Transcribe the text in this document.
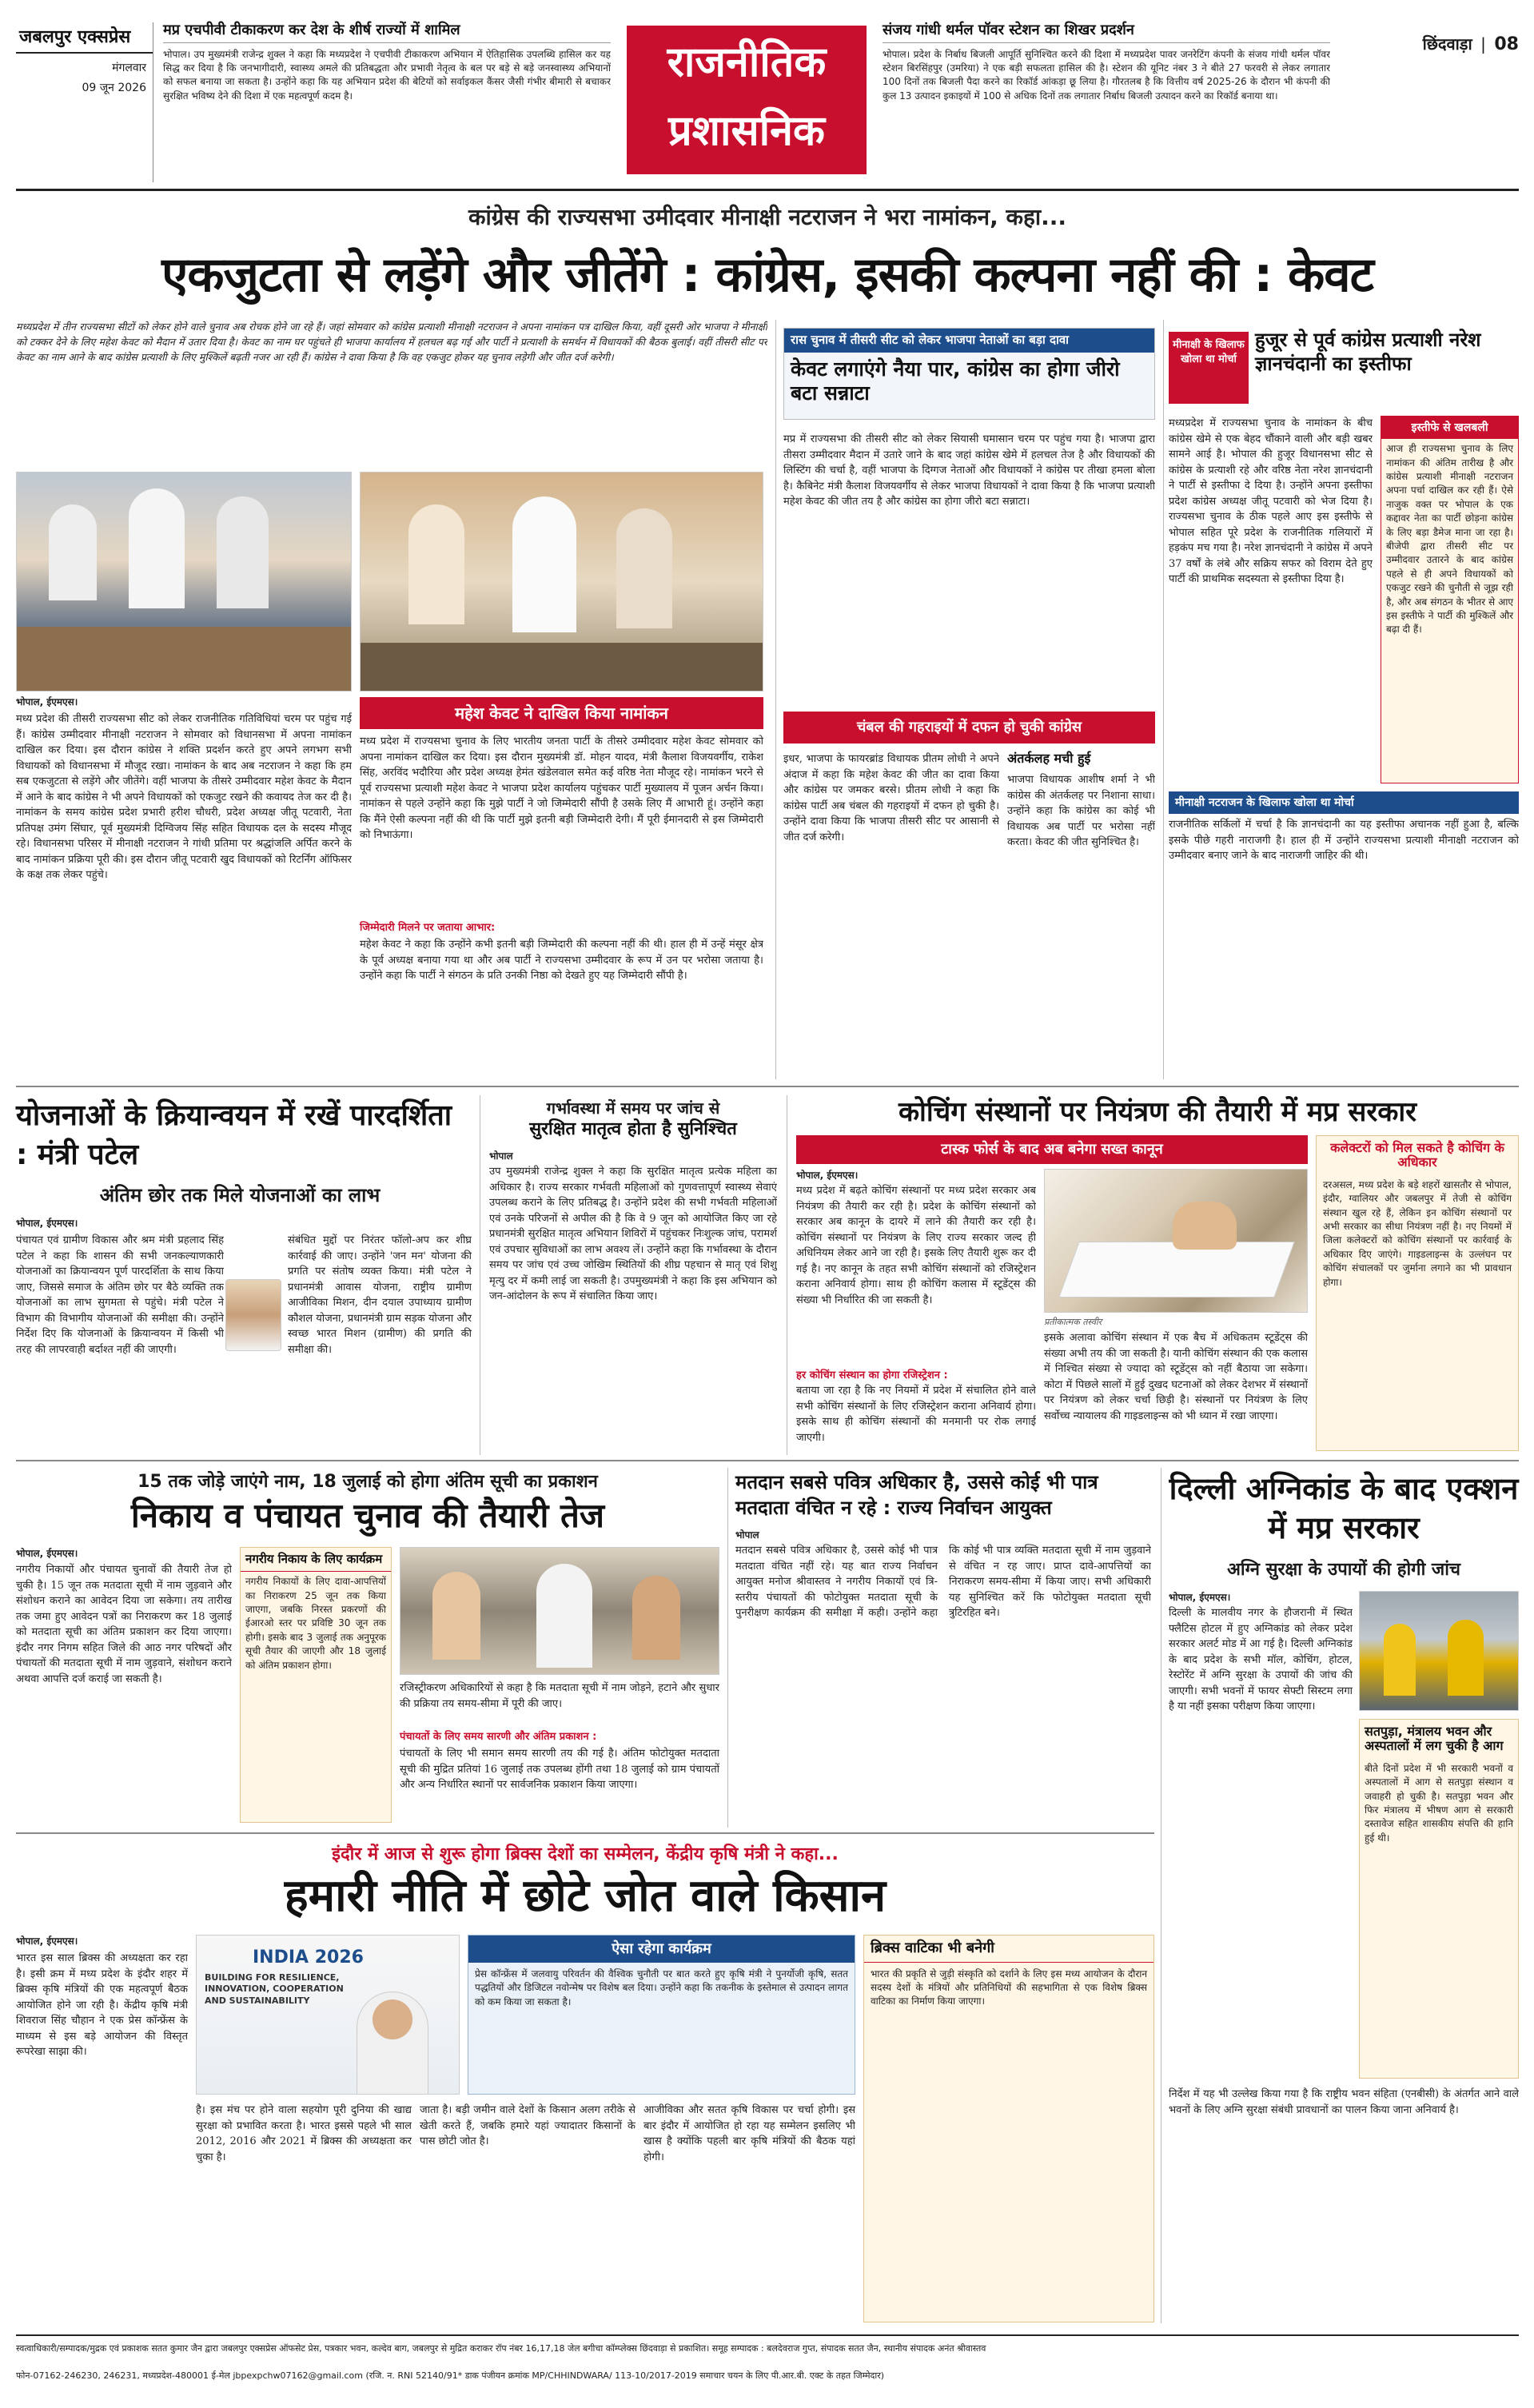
जबलपुर एक्सप्रेस
मंगलवार
09 जून 2026
मप्र एचपीवी टीकाकरण कर देश के शीर्ष राज्यों में शामिल
भोपाल। उप मुख्यमंत्री राजेन्द्र शुक्ल ने कहा कि मध्यप्रदेश ने एचपीवी टीकाकरण अभियान में ऐतिहासिक उपलब्धि हासिल कर यह सिद्ध कर दिया है कि जनभागीदारी, स्वास्थ्य अमले की प्रतिबद्धता और प्रभावी नेतृत्व के बल पर बड़े से बड़े जनस्वास्थ्य अभियानों को सफल बनाया जा सकता है। उन्होंने कहा कि यह अभियान प्रदेश की बेटियों को सर्वाइकल कैंसर जैसी गंभीर बीमारी से बचाकर सुरक्षित भविष्य देने की दिशा में एक महत्वपूर्ण कदम है।
राजनीतिक
प्रशासनिक
संजय गांधी थर्मल पॉवर स्टेशन का शिखर प्रदर्शन
भोपाल। प्रदेश के निर्बाध बिजली आपूर्ति सुनिश्चित करने की दिशा में मध्यप्रदेश पावर जनरेटिंग कंपनी के संजय गांधी थर्मल पॉवर स्टेशन बिरसिंहपुर (उमरिया) ने एक बड़ी सफलता हासिल की है। स्टेशन की यूनिट नंबर 3 ने बीते 27 फरवरी से लेकर लगातार 100 दिनों तक बिजली पैदा करने का रिकॉर्ड आंकड़ा छू लिया है। गौरतलब है कि वित्तीय वर्ष 2025-26 के दौरान भी कंपनी की कुल 13 उत्पादन इकाइयों में 100 से अधिक दिनों तक लगातार निर्बाध बिजली उत्पादन करने का रिकॉर्ड बनाया था।
छिंदवाड़ा  |  08
कांग्रेस की राज्यसभा उमीदवार मीनाक्षी नटराजन ने भरा नामांकन, कहा...
एकजुटता से लड़ेंगे और जीतेंगे : कांग्रेस, इसकी कल्पना नहीं की : केवट
मध्यप्रदेश में तीन राज्यसभा सीटों को लेकर होने वाले चुनाव अब रोचक होने जा रहे हैं। जहां सोमवार को कांग्रेस प्रत्याशी मीनाक्षी नटराजन ने अपना नामांकन पत्र दाखिल किया, वहीं दूसरी ओर भाजपा ने मीनाक्षी को टक्कर देने के लिए महेश केवट को मैदान में उतार दिया है। केवट का नाम घर पहुंचते ही भाजपा कार्यालय में हलचल बढ़ गई और पार्टी ने प्रत्याशी के समर्थन में विधायकों की बैठक बुलाई। वहीं तीसरी सीट पर केवट का नाम आने के बाद कांग्रेस प्रत्याशी के लिए मुश्किलें बढ़ती नजर आ रही हैं। कांग्रेस ने दावा किया है कि वह एकजुट होकर यह चुनाव लड़ेगी और जीत दर्ज करेगी।
भोपाल, ईएमएस।
मध्य प्रदेश की तीसरी राज्यसभा सीट को लेकर राजनीतिक गतिविधियां चरम पर पहुंच गई हैं। कांग्रेस उम्मीदवार मीनाक्षी नटराजन ने सोमवार को विधानसभा में अपना नामांकन दाखिल कर दिया। इस दौरान कांग्रेस ने शक्ति प्रदर्शन करते हुए अपने लगभग सभी विधायकों को विधानसभा में मौजूद रखा। नामांकन के बाद अब नटराजन ने कहा कि हम सब एकजुटता से लड़ेंगे और जीतेंगे। वहीं भाजपा के तीसरे उम्मीदवार महेश केवट के मैदान में आने के बाद कांग्रेस ने भी अपने विधायकों को एकजुट रखने की कवायद तेज कर दी है। नामांकन के समय कांग्रेस प्रदेश प्रभारी हरीश चौधरी, प्रदेश अध्यक्ष जीतू पटवारी, नेता प्रतिपक्ष उमंग सिंघार, पूर्व मुख्यमंत्री दिग्विजय सिंह सहित विधायक दल के सदस्य मौजूद रहे। विधानसभा परिसर में मीनाक्षी नटराजन ने गांधी प्रतिमा पर श्रद्धांजलि अर्पित करने के बाद नामांकन प्रक्रिया पूरी की। इस दौरान जीतू पटवारी खुद विधायकों को रिटर्निंग ऑफिसर के कक्ष तक लेकर पहुंचे।
महेश केवट ने दाखिल किया नामांकन
मध्य प्रदेश में राज्यसभा चुनाव के लिए भारतीय जनता पार्टी के तीसरे उम्मीदवार महेश केवट सोमवार को अपना नामांकन दाखिल कर दिया। इस दौरान मुख्यमंत्री डॉ. मोहन यादव, मंत्री कैलाश विजयवर्गीय, राकेश सिंह, अरविंद भदौरिया और प्रदेश अध्यक्ष हेमंत खंडेलवाल समेत कई वरिष्ठ नेता मौजूद रहे। नामांकन भरने से पूर्व राज्यसभा प्रत्याशी महेश केवट ने भाजपा प्रदेश कार्यालय पहुंचकर पार्टी मुख्यालय में पूजन अर्चन किया। नामांकन से पहले उन्होंने कहा कि मुझे पार्टी ने जो जिम्मेदारी सौंपी है उसके लिए मैं आभारी हूं। उन्होंने कहा कि मैंने ऐसी कल्पना नहीं की थी कि पार्टी मुझे इतनी बड़ी जिम्मेदारी देगी। मैं पूरी ईमानदारी से इस जिम्मेदारी को निभाऊंगा।
जिम्मेदारी मिलने पर जताया आभार:
महेश केवट ने कहा कि उन्होंने कभी इतनी बड़ी जिम्मेदारी की कल्पना नहीं की थी। हाल ही में उन्हें मंसूर क्षेत्र के पूर्व अध्यक्ष बनाया गया था और अब पार्टी ने राज्यसभा उम्मीदवार के रूप में उन पर भरोसा जताया है। उन्होंने कहा कि पार्टी ने संगठन के प्रति उनकी निष्ठा को देखते हुए यह जिम्मेदारी सौंपी है।
रास चुनाव में तीसरी सीट को लेकर भाजपा नेताओं का बड़ा दावा
केवट लगाएंगे नैया पार, कांग्रेस का होगा जीरो बटा सन्नाटा
मप्र में राज्यसभा की तीसरी सीट को लेकर सियासी घमासान चरम पर पहुंच गया है। भाजपा द्वारा तीसरा उम्मीदवार मैदान में उतारे जाने के बाद जहां कांग्रेस खेमे में हलचल तेज है और विधायकों की लिस्टिंग की चर्चा है, वहीं भाजपा के दिग्गज नेताओं और विधायकों ने कांग्रेस पर तीखा हमला बोला है। कैबिनेट मंत्री कैलाश विजयवर्गीय से लेकर भाजपा विधायकों ने दावा किया है कि भाजपा प्रत्याशी महेश केवट की जीत तय है और कांग्रेस का होगा जीरो बटा सन्नाटा।
चंबल की गहराइयों में दफन हो चुकी कांग्रेस
इधर, भाजपा के फायरब्रांड विधायक प्रीतम लोधी ने अपने अंदाज में कहा कि महेश केवट की जीत का दावा किया और कांग्रेस पर जमकर बरसे। प्रीतम लोधी ने कहा कि कांग्रेस पार्टी अब चंबल की गहराइयों में दफन हो चुकी है। उन्होंने दावा किया कि भाजपा तीसरी सीट पर आसानी से जीत दर्ज करेगी।
अंतर्कलह मची हुई
भाजपा विधायक आशीष शर्मा ने भी कांग्रेस की अंतर्कलह पर निशाना साधा। उन्होंने कहा कि कांग्रेस का कोई भी विधायक अब पार्टी पर भरोसा नहीं करता। केवट की जीत सुनिश्चित है।
मीनाक्षी के खिलाफ खोला था मोर्चा
हुजूर से पूर्व कांग्रेस प्रत्याशी नरेश ज्ञानचंदानी का इस्तीफा
मध्यप्रदेश में राज्यसभा चुनाव के नामांकन के बीच कांग्रेस खेमे से एक बेहद चौंकाने वाली और बड़ी खबर सामने आई है। भोपाल की हुजूर विधानसभा सीट से कांग्रेस के प्रत्याशी रहे और वरिष्ठ नेता नरेश ज्ञानचंदानी ने पार्टी से इस्तीफा दे दिया है। उन्होंने अपना इस्तीफा प्रदेश कांग्रेस अध्यक्ष जीतू पटवारी को भेज दिया है। राज्यसभा चुनाव के ठीक पहले आए इस इस्तीफे से भोपाल सहित पूरे प्रदेश के राजनीतिक गलियारों में हड़कंप मच गया है। नरेश ज्ञानचंदानी ने कांग्रेस में अपने 37 वर्षों के लंबे और सक्रिय सफर को विराम देते हुए पार्टी की प्राथमिक सदस्यता से इस्तीफा दिया है।
मीनाक्षी नटराजन के खिलाफ खोला था मोर्चा
राजनीतिक सर्किलों में चर्चा है कि ज्ञानचंदानी का यह इस्तीफा अचानक नहीं हुआ है, बल्कि इसके पीछे गहरी नाराजगी है। हाल ही में उन्होंने राज्यसभा प्रत्याशी मीनाक्षी नटराजन को उम्मीदवार बनाए जाने के बाद नाराजगी जाहिर की थी।
इस्तीफे से खलबली
आज ही राज्यसभा चुनाव के लिए नामांकन की अंतिम तारीख है और कांग्रेस प्रत्याशी मीनाक्षी नटराजन अपना पर्चा दाखिल कर रही हैं। ऐसे नाजुक वक्त पर भोपाल के एक कद्दावर नेता का पार्टी छोड़ना कांग्रेस के लिए बड़ा डैमेज माना जा रहा है। बीजेपी द्वारा तीसरी सीट पर उम्मीदवार उतारने के बाद कांग्रेस पहले से ही अपने विधायकों को एकजुट रखने की चुनौती से जूझ रही है, और अब संगठन के भीतर से आए इस इस्तीफे ने पार्टी की मुश्किलें और बढ़ा दी हैं।
योजनाओं के क्रियान्वयन में रखें पारदर्शिता : मंत्री पटेल
अंतिम छोर तक मिले योजनाओं का लाभ
भोपाल, ईएमएस।
पंचायत एवं ग्रामीण विकास और श्रम मंत्री प्रहलाद सिंह पटेल ने कहा कि शासन की सभी जनकल्याणकारी योजनाओं का क्रियान्वयन पूर्ण पारदर्शिता के साथ किया जाए, जिससे समाज के अंतिम छोर पर बैठे व्यक्ति तक योजनाओं का लाभ सुगमता से पहुंचे। मंत्री पटेल ने विभाग की विभागीय योजनाओं की समीक्षा की। उन्होंने निर्देश दिए कि योजनाओं के क्रियान्वयन में किसी भी तरह की लापरवाही बर्दाश्त नहीं की जाएगी।
संबंधित मुद्दों पर निरंतर फॉलो-अप कर शीघ्र कार्रवाई की जाए। उन्होंने 'जन मन' योजना की प्रगति पर संतोष व्यक्त किया। मंत्री पटेल ने प्रधानमंत्री आवास योजना, राष्ट्रीय ग्रामीण आजीविका मिशन, दीन दयाल उपाध्याय ग्रामीण कौशल योजना, प्रधानमंत्री ग्राम सड़क योजना और स्वच्छ भारत मिशन (ग्रामीण) की प्रगति की समीक्षा की।
गर्भावस्था में समय पर जांच से
सुरक्षित मातृत्व होता है सुनिश्चित
भोपाल
उप मुख्यमंत्री राजेन्द्र शुक्ल ने कहा कि सुरक्षित मातृत्व प्रत्येक महिला का अधिकार है। राज्य सरकार गर्भवती महिलाओं को गुणवत्तापूर्ण स्वास्थ्य सेवाएं उपलब्ध कराने के लिए प्रतिबद्ध है। उन्होंने प्रदेश की सभी गर्भवती महिलाओं एवं उनके परिजनों से अपील की है कि वे 9 जून को आयोजित किए जा रहे प्रधानमंत्री सुरक्षित मातृत्व अभियान शिविरों में पहुंचकर निःशुल्क जांच, परामर्श एवं उपचार सुविधाओं का लाभ अवश्य लें। उन्होंने कहा कि गर्भावस्था के दौरान समय पर जांच एवं उच्च जोखिम स्थितियों की शीघ्र पहचान से मातृ एवं शिशु मृत्यु दर में कमी लाई जा सकती है। उपमुख्यमंत्री ने कहा कि इस अभियान को जन-आंदोलन के रूप में संचालित किया जाए।
कोचिंग संस्थानों पर नियंत्रण की तैयारी में मप्र सरकार
टास्क फोर्स के बाद अब बनेगा सख्त कानून
भोपाल, ईएमएस।
मध्य प्रदेश में बढ़ते कोचिंग संस्थानों पर मध्य प्रदेश सरकार अब नियंत्रण की तैयारी कर रही है। प्रदेश के कोचिंग संस्थानों को सरकार अब कानून के दायरे में लाने की तैयारी कर रही है। कोचिंग संस्थानों पर नियंत्रण के लिए राज्य सरकार जल्द ही अधिनियम लेकर आने जा रही है। इसके लिए तैयारी शुरू कर दी गई है। नए कानून के तहत सभी कोचिंग संस्थानों को रजिस्ट्रेशन कराना अनिवार्य होगा। साथ ही कोचिंग कलास में स्टूडेंट्स की संख्या भी निर्धारित की जा सकती है।
हर कोचिंग संस्थान का होगा रजिस्ट्रेशन :
बताया जा रहा है कि नए नियमों में प्रदेश में संचालित होने वाले सभी कोचिंग संस्थानों के लिए रजिस्ट्रेशन कराना अनिवार्य होगा। इसके साथ ही कोचिंग संस्थानों की मनमानी पर रोक लगाई जाएगी।
प्रतीकात्मक तस्वीर
इसके अलावा कोचिंग संस्थान में एक बैच में अधिकतम स्टूडेंट्स की संख्या अभी तय की जा सकती है। यानी कोचिंग संस्थान की एक कलास में निश्चित संख्या से ज्यादा को स्टूडेंट्स को नहीं बैठाया जा सकेगा। कोटा में पिछले सालों में हुई दुखद घटनाओं को लेकर देशभर में संस्थानों पर नियंत्रण को लेकर चर्चा छिड़ी है। संस्थानों पर नियंत्रण के लिए सर्वोच्च न्यायालय की गाइडलाइन्स को भी ध्यान में रखा जाएगा।
कलेक्टरों को मिल सकते है कोचिंग के अधिकार
दरअसल, मध्य प्रदेश के बड़े शहरों खासतौर से भोपाल, इंदौर, ग्वालियर और जबलपुर में तेजी से कोचिंग संस्थान खुल रहे हैं, लेकिन इन कोचिंग संस्थानों पर अभी सरकार का सीधा नियंत्रण नहीं है। नए नियमों में जिला कलेक्टरों को कोचिंग संस्थानों पर कार्रवाई के अधिकार दिए जाएंगे। गाइडलाइन्स के उल्लंघन पर कोचिंग संचालकों पर जुर्माना लगाने का भी प्रावधान होगा।
15 तक जोड़े जाएंगे नाम, 18 जुलाई को होगा अंतिम सूची का प्रकाशन
निकाय व पंचायत चुनाव की तैयारी तेज
भोपाल, ईएमएस।
नगरीय निकायों और पंचायत चुनावों की तैयारी तेज हो चुकी है। 15 जून तक मतदाता सूची में नाम जुड़वाने और संशोधन कराने का आवेदन दिया जा सकेगा। तय तारीख तक जमा हुए आवेदन पत्रों का निराकरण कर 18 जुलाई को मतदाता सूची का अंतिम प्रकाशन कर दिया जाएगा। इंदौर नगर निगम सहित जिले की आठ नगर परिषदों और पंचायतों की मतदाता सूची में नाम जुड़वाने, संशोधन कराने अथवा आपत्ति दर्ज कराई जा सकती है।
नगरीय निकाय के लिए कार्यक्रम
नगरीय निकायों के लिए दावा-आपत्तियों का निराकरण 25 जून तक किया जाएगा, जबकि निरस्त प्रकरणों की ईआरओ स्तर पर प्रविष्टि 30 जून तक होगी। इसके बाद 3 जुलाई तक अनुपूरक सूची तैयार की जाएगी और 18 जुलाई को अंतिम प्रकाशन होगा।
रजिस्ट्रीकरण अधिकारियों से कहा है कि मतदाता सूची में नाम जोड़ने, हटाने और सुधार की प्रक्रिया तय समय-सीमा में पूरी की जाए।
पंचायतों के लिए समय सारणी और अंतिम प्रकाशन :
पंचायतों के लिए भी समान समय सारणी तय की गई है। अंतिम फोटोयुक्त मतदाता सूची की मुद्रित प्रतियां 16 जुलाई तक उपलब्ध होंगी तथा 18 जुलाई को ग्राम पंचायतों और अन्य निर्धारित स्थानों पर सार्वजनिक प्रकाशन किया जाएगा।
मतदान सबसे पवित्र अधिकार है, उससे कोई भी पात्र मतदाता वंचित न रहे : राज्य निर्वाचन आयुक्त
भोपाल
मतदान सबसे पवित्र अधिकार है, उससे कोई भी पात्र मतदाता वंचित नहीं रहे। यह बात राज्य निर्वाचन आयुक्त मनोज श्रीवास्तव ने नगरीय निकायों एवं त्रि-स्तरीय पंचायतों की फोटोयुक्त मतदाता सूची के पुनरीक्षण कार्यक्रम की समीक्षा में कही। उन्होंने कहा कि कोई भी पात्र व्यक्ति मतदाता सूची में नाम जुड़वाने से वंचित न रह जाए। प्राप्त दावे-आपत्तियों का निराकरण समय-सीमा में किया जाए। सभी अधिकारी यह सुनिश्चित करें कि फोटोयुक्त मतदाता सूची त्रुटिरहित बने।
दिल्ली अग्निकांड के बाद एक्शन में मप्र सरकार
अग्नि सुरक्षा के उपायों की होगी जांच
भोपाल, ईएमएस।
दिल्ली के मालवीय नगर के हौजरानी में स्थित फ्लैटिस होटल में हुए अग्निकांड को लेकर प्रदेश सरकार अलर्ट मोड में आ गई है। दिल्ली अग्निकांड के बाद प्रदेश के सभी मॉल, कोचिंग, होटल, रेस्टोरेंट में अग्नि सुरक्षा के उपायों की जांच की जाएगी। सभी भवनों में फायर सेफ्टी सिस्टम लगा है या नहीं इसका परीक्षण किया जाएगा।
सतपुड़ा, मंत्रालय भवन और अस्पतालों में लग चुकी है आग
बीते दिनों प्रदेश में भी सरकारी भवनों व अस्पतालों में आग से सतपुड़ा संस्थान व जवाहरी हो चुकी है। सतपुड़ा भवन और फिर मंत्रालय में भीषण आग से सरकारी दस्तावेज सहित शासकीय संपत्ति की हानि हुई थी।
निर्देश में यह भी उल्लेख किया गया है कि राष्ट्रीय भवन संहिता (एनबीसी) के अंतर्गत आने वाले भवनों के लिए अग्नि सुरक्षा संबंधी प्रावधानों का पालन किया जाना अनिवार्य है।
इंदौर में आज से शुरू होगा ब्रिक्स देशों का सम्मेलन, केंद्रीय कृषि मंत्री ने कहा...
हमारी नीति में छोटे जोत वाले किसान
भोपाल, ईएमएस।
भारत इस साल ब्रिक्स की अध्यक्षता कर रहा है। इसी क्रम में मध्य प्रदेश के इंदौर शहर में ब्रिक्स कृषि मंत्रियों की एक महत्वपूर्ण बैठक आयोजित होने जा रही है। केंद्रीय कृषि मंत्री शिवराज सिंह चौहान ने एक प्रेस कॉन्फ्रेंस के माध्यम से इस बड़े आयोजन की विस्तृत रूपरेखा साझा की।
INDIA 2026
BUILDING FOR RESILIENCE, INNOVATION, COOPERATION AND SUSTAINABILITY
ऐसा रहेगा कार्यक्रम
प्रेस कॉन्फ्रेंस में जलवायु परिवर्तन की वैश्विक चुनौती पर बात करते हुए कृषि मंत्री ने पुनर्योजी कृषि, सतत पद्धतियों और डिजिटल नवोन्मेष पर विशेष बल दिया। उन्होंने कहा कि तकनीक के इस्तेमाल से उत्पादन लागत को कम किया जा सकता है।
है। इस मंच पर होने वाला सहयोग पूरी दुनिया की खाद्य सुरक्षा को प्रभावित करता है। भारत इससे पहले भी साल 2012, 2016 और 2021 में ब्रिक्स की अध्यक्षता कर चुका है।
जाता है। बड़ी जमीन वाले देशों के किसान अलग तरीके से खेती करते हैं, जबकि हमारे यहां ज्यादातर किसानों के पास छोटी जोत है।
आजीविका और सतत कृषि विकास पर चर्चा होगी। इस बार इंदौर में आयोजित हो रहा यह सम्मेलन इसलिए भी खास है क्योंकि पहली बार कृषि मंत्रियों की बैठक यहां होगी।
ब्रिक्स वाटिका भी बनेगी
भारत की प्रकृति से जुड़ी संस्कृति को दर्शाने के लिए इस मध्य आयोजन के दौरान सदस्य देशों के मंत्रियों और प्रतिनिधियों की सहभागिता से एक विशेष ब्रिक्स वाटिका का निर्माण किया जाएगा।
स्वत्वाधिकारी/सम्पादक/मुद्रक एवं प्रकाशक सतत कुमार जैन द्वारा जबलपुर एक्सप्रेस ऑफसेट प्रेस, पत्रकार भवन, कल्देव बाग, जबलपुर से मुद्रित कराकर रॉप नंबर 16,17,18 जेल बगीचा कॉम्प्लेक्स छिंदवाड़ा से प्रकाशित। समूह सम्पादक : बलदेवराज गुप्त, संपादक सतत जैन, स्थानीय संपादक अनंत श्रीवास्तव
फोन-07162-246230, 246231, मध्यप्रदेश-480001 ई-मेल jbpexpchw07162@gmail.com (रजि. न. RNI 52140/91* डाक पंजीयन क्रमांक MP/CHHINDWARA/ 113-10/2017-2019 समाचार चयन के लिए पी.आर.बी. एक्ट के तहत जिम्मेदार)
